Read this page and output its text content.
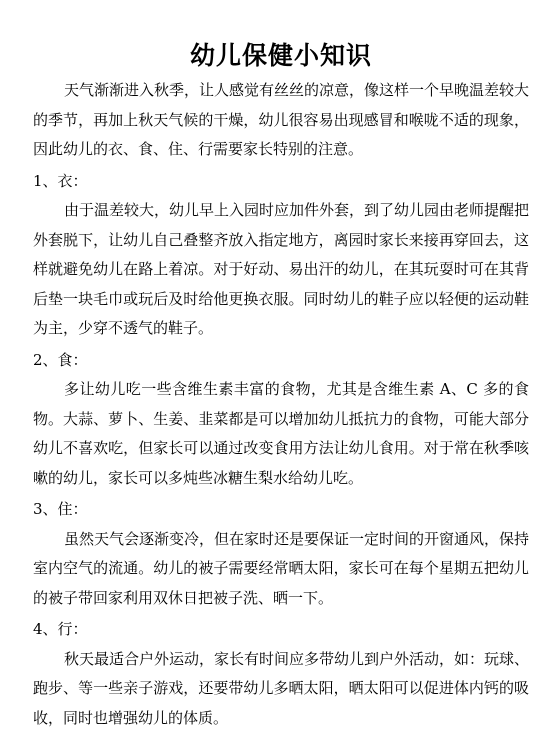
幼儿保健小知识

天气渐渐进入秋季，让人感觉有丝丝的凉意，像这样一个早晚温差较大的季节，再加上秋天气候的干燥，幼儿很容易出现感冒和喉咙不适的现象，因此幼儿的衣、食、住、行需要家长特别的注意。

1、衣：

由于温差较大，幼儿早上入园时应加件外套，到了幼儿园由老师提醒把外套脱下，让幼儿自己叠整齐放入指定地方，离园时家长来接再穿回去，这样就避免幼儿在路上着凉。对于好动、易出汗的幼儿，在其玩耍时可在其背后垫一块毛巾或玩后及时给他更换衣服。同时幼儿的鞋子应以轻便的运动鞋为主，少穿不透气的鞋子。

2、食：

多让幼儿吃一些含维生素丰富的食物，尤其是含维生素 A、C 多的食物。大蒜、萝卜、生姜、韭菜都是可以增加幼儿抵抗力的食物，可能大部分幼儿不喜欢吃，但家长可以通过改变食用方法让幼儿食用。对于常在秋季咳嗽的幼儿，家长可以多炖些冰糖生梨水给幼儿吃。

3、住：

虽然天气会逐渐变冷，但在家时还是要保证一定时间的开窗通风，保持室内空气的流通。幼儿的被子需要经常晒太阳，家长可在每个星期五把幼儿的被子带回家利用双休日把被子洗、晒一下。

4、行：

秋天最适合户外运动，家长有时间应多带幼儿到户外活动，如：玩球、跑步、等一些亲子游戏，还要带幼儿多晒太阳，晒太阳可以促进体内钙的吸收，同时也增强幼儿的体质。
